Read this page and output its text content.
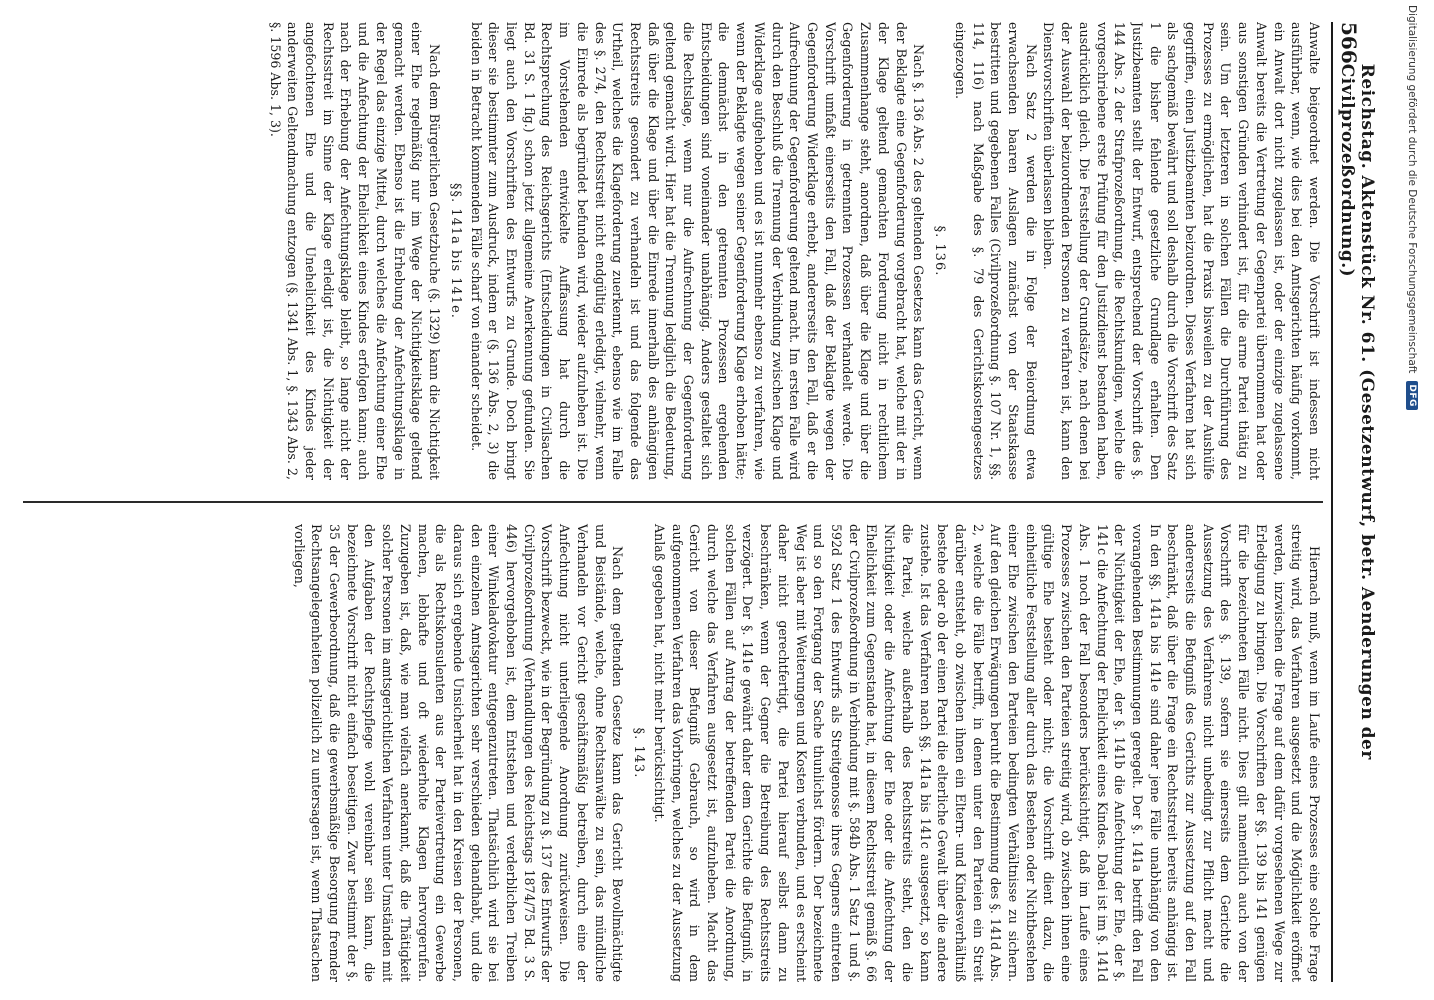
566
Reichstag. Aktenstück Nr. 61. (Gesetzentwurf, betr. Aenderungen der Civilprozeßordnung.)

Anwalte beigeordnet werden. Die Vorschrift ist indessen nicht ausführbar, wenn, wie dies bei den Amtsgerichten häufig vorkommt, ein Anwalt dort nicht zugelassen ist, oder der einzige zugelassene Anwalt bereits die Vertretung der Gegenpartei übernommen hat oder aus sonstigen Gründen verhindert ist, für die arme Partei thätig zu sein. Um der letzteren in solchen Fällen die Durchführung des Prozesses zu ermöglichen, hat die Praxis bisweilen zu der Aushülfe gegriffen, einen Justizbeamten beizuordnen. Dieses Verfahren hat sich als sachgemäß bewährt und soll deshalb durch die Vorschrift des Satz 1 die bisher fehlende gesetzliche Grundlage erhalten. Den Justizbeamten stellt der Entwurf, entsprechend der Vorschrift des §. 144 Abs. 2 der Strafprozeßordnung, die Rechtskundigen, welche die vorgeschriebene erste Prüfung für den Justizdienst bestanden haben, ausdrücklich gleich. Die Feststellung der Grundsätze, nach denen bei der Auswahl der beizuordnenden Personen zu verfahren ist, kann den Dienstvorschriften überlassen bleiben.

Nach Satz 2 werden die in Folge der Beiordnung etwa erwachsenden baaren Auslagen zunächst von der Staatskasse bestritten und gegebenen Falles (Civilprozeßordnung §. 107 Nr. 1, §§. 114, 116) nach Maßgabe des §. 79 des Gerichtskostengesetzes eingezogen.

§. 136.

Nach §. 136 Abs. 2 des geltenden Gesetzes kann das Gericht, wenn der Beklagte eine Gegenforderung vorgebracht hat, welche mit der in der Klage geltend gemachten Forderung nicht in rechtlichem Zusammenhange steht, anordnen, daß über die Klage und über die Gegenforderung in getrennten Prozessen verhandelt werde. Die Vorschrift umfaßt einerseits den Fall, daß der Beklagte wegen der Gegenforderung Widerklage erhebt, andererseits den Fall, daß er die Aufrechnung der Gegenforderung geltend macht. Im ersten Falle wird durch den Beschluß die Trennung der Verbindung zwischen Klage und Widerklage aufgehoben und es ist nunmehr ebenso zu verfahren, wie wenn der Beklagte wegen seiner Gegenforderung Klage erhoben hätte; die demnächst in den getrennten Prozessen ergehenden Entscheidungen sind voneinander unabhängig. Anders gestaltet sich die Rechtslage, wenn nur die Aufrechnung der Gegenforderung geltend gemacht wird. Hier hat die Trennung lediglich die Bedeutung, daß über die Klage und über die Einrede innerhalb des anhängigen Rechtsstreits gesondert zu verhandeln ist und das folgende das Urtheil, welches die Klageforderung zuerkennt, ebenso wie im Falle des §. 274, den Rechtsstreit nicht endgültig erledigt, vielmehr, wenn die Einrede als begründet befunden wird, wieder aufzuheben ist. Die im Vorstehenden entwickelte Auffassung hat durch die Rechtsprechung des Reichsgerichts (Entscheidungen in Civilsachen Bd. 31 S. 1 flg.) schon jetzt allgemeine Anerkennung gefunden. Sie liegt auch den Vorschriften des Entwurfs zu Grunde. Doch bringt dieser sie bestimmter zum Ausdruck, indem er (§. 136 Abs. 2, 3) die beiden in Betracht kommenden Fälle scharf von einander scheidet.

§§. 141a bis 141e.

Nach dem Bürgerlichen Gesetzbuche (§. 1329) kann die Nichtigkeit einer Ehe regelmäßig nur im Wege der Nichtigkeitsklage geltend gemacht werden. Ebenso ist die Erhebung der Anfechtungsklage in der Regel das einzige Mittel, durch welches die Anfechtung einer Ehe und die Anfechtung der Ehelichkeit eines Kindes erfolgen kann; auch nach der Erhebung der Anfechtungsklage bleibt, so lange nicht der Rechtsstreit im Sinne der Klage erledigt ist, die Nichtigkeit der angefochtenen Ehe und die Unehelichkeit des Kindes jeder anderweiten Geltendmachung entzogen (§. 1341 Abs. 1, §. 1343 Abs. 2, §. 1596 Abs. 1, 3).

Hiernach muß, wenn im Laufe eines Prozesses eine solche Frage streitig wird, das Verfahren ausgesetzt und die Möglichkeit eröffnet werden, inzwischen die Frage auf dem dafür vorgesehenen Wege zur Erledigung zu bringen. Die Vorschriften der §§. 139 bis 141 genügen für die bezeichneten Fälle nicht. Dies gilt namentlich auch von der Vorschrift des §. 139, sofern sie einerseits dem Gerichte die Aussetzung des Verfahrens nicht unbedingt zur Pflicht macht und andererseits die Befugniß des Gerichts zur Aussetzung auf den Fall beschränkt, daß über die Frage ein Rechtsstreit bereits anhängig ist. In den §§. 141a bis 141e sind daher jene Fälle unabhängig von den vorangehenden Bestimmungen geregelt. Der §. 141a betrifft den Fall der Nichtigkeit der Ehe, der §. 141b die Anfechtung der Ehe, der §. 141c die Anfechtung der Ehelichkeit eines Kindes. Dabei ist im §. 141d Abs. 1 noch der Fall besonders berücksichtigt, daß im Laufe eines Prozesses zwischen den Parteien streitig wird, ob zwischen ihnen eine gültige Ehe besteht oder nicht; die Vorschrift dient dazu, die einheitliche Feststellung aller durch das Bestehen oder Nichtbestehen einer Ehe zwischen den Parteien bedingten Verhältnisse zu sichern. Auf den gleichen Erwägungen beruht die Bestimmung des §. 141d Abs. 2, welche die Fälle betrifft, in denen unter den Parteien ein Streit darüber entsteht, ob zwischen ihnen ein Eltern- und Kindesverhältniß bestehe oder ob der einen Partei die elterliche Gewalt über die andere zustehe. Ist das Verfahren nach §§. 141a bis 141c ausgesetzt, so kann die Partei, welche außerhalb des Rechtsstreits steht, den die Nichtigkeit oder die Anfechtung der Ehe oder die Anfechtung der Ehelichkeit zum Gegenstande hat, in diesem Rechtsstreit gemäß §. 66 der Civilprozeßordnung in Verbindung mit §. 584b Abs. 1 Satz 1 und §. 592d Satz 1 des Entwurfs als Streitgenosse ihres Gegners eintreten und so den Fortgang der Sache thunlichst fördern. Der bezeichnete Weg ist aber mit Weiterungen und Kosten verbunden, und es erscheint daher nicht gerechtfertigt, die Partei hierauf selbst dann zu beschränken, wenn der Gegner die Betreibung des Rechtsstreits verzögert. Der §. 141e gewährt daher dem Gerichte die Befugniß, in solchen Fällen auf Antrag der betreffenden Partei die Anordnung, durch welche das Verfahren ausgesetzt ist, aufzuheben. Macht das Gericht von dieser Befugniß Gebrauch, so wird in dem aufgenommenen Verfahren das Vorbringen, welches zu der Aussetzung Anlaß gegeben hat, nicht mehr berücksichtigt.

§. 143.

Nach dem geltenden Gesetze kann das Gericht Bevollmächtigte und Beistände, welche, ohne Rechtsanwälte zu sein, das mündliche Verhandeln vor Gericht geschäftsmäßig betreiben, durch eine der Anfechtung nicht unterliegende Anordnung zurückweisen. Die Vorschrift bezweckt, wie in der Begründung zu §. 137 des Entwurfs der Civilprozeßordnung (Verhandlungen des Reichstags 1874/75 Bd. 3 S. 446) hervorgehoben ist, dem Entstehen und verderblichen Treiben einer Winkeladvokatur entgegenzutreten. Thatsächlich wird sie bei den einzelnen Amtsgerichten sehr verschieden gehandhabt, und die daraus sich ergebende Unsicherheit hat in den Kreisen der Personen, die als Rechtskonsulenten aus der Parteivertretung ein Gewerbe machen, lebhafte und oft wiederholte Klagen hervorgerufen. Zuzugeben ist, daß, wie man vielfach anerkannt, daß die Thätigkeit solcher Personen im amtsgerichtlichen Verfahren unter Umständen mit den Aufgaben der Rechtspflege wohl vereinbar sein kann, die bezeichnete Vorschrift nicht einfach beseitigen. Zwar bestimmt der §. 35 der Gewerbeordnung, daß die gewerbsmäßige Besorgung fremder Rechtsangelegenheiten polizeilich zu untersagen ist, wenn Thatsachen vorliegen,

Digitalisierung gefördert durch die Deutsche Forschungsgemeinschaft
DFG
